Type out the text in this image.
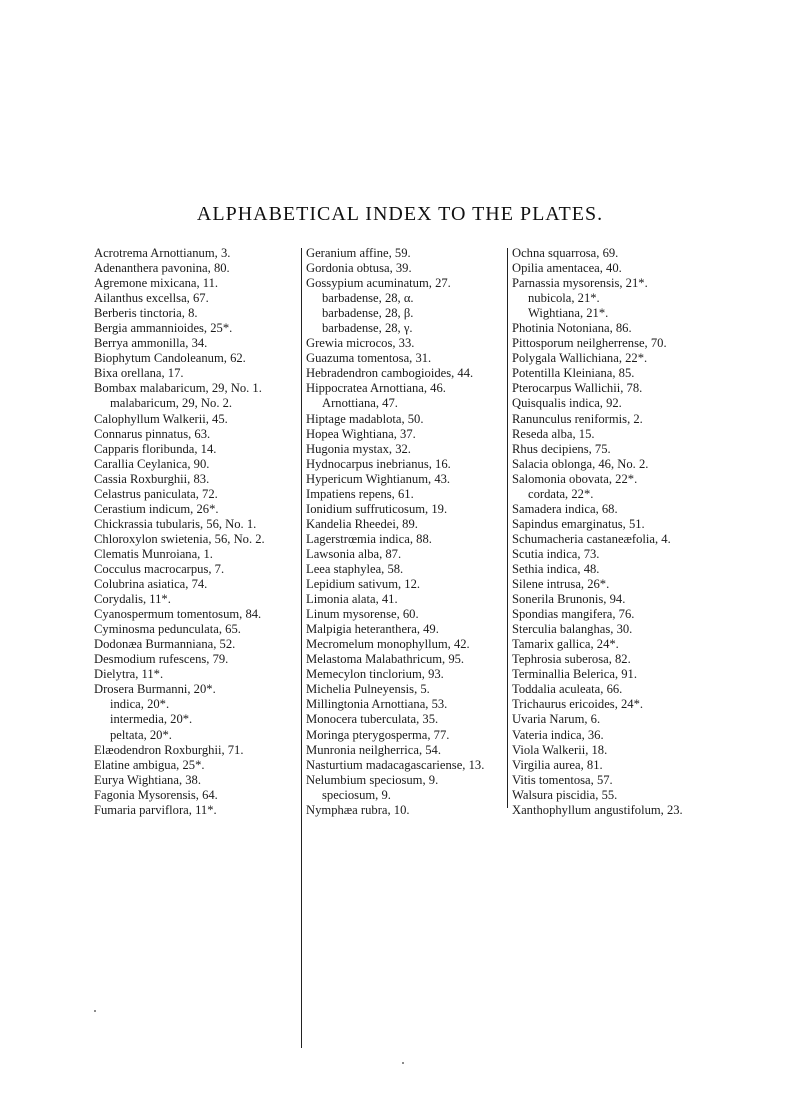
ALPHABETICAL INDEX TO THE PLATES.
Acrotrema Arnottianum, 3.
Adenanthera pavonina, 80.
Agremone mixicana, 11.
Ailanthus excellsa, 67.
Berberis tinctoria, 8.
Bergia ammannioides, 25*.
Berrya ammonilla, 34.
Biophytum Candoleanum, 62.
Bixa orellana, 17.
Bombax malabaricum, 29, No. 1.
malabaricum, 29, No. 2.
Calophyllum Walkerii, 45.
Connarus pinnatus, 63.
Capparis floribunda, 14.
Carallia Ceylanica, 90.
Cassia Roxburghii, 83.
Celastrus paniculata, 72.
Cerastium indicum, 26*.
Chickrassia tubularis, 56, No. 1.
Chloroxylon swietenia, 56, No. 2.
Clematis Munroiana, 1.
Cocculus macrocarpus, 7.
Colubrina asiatica, 74.
Corydalis, 11*.
Cyanospermum tomentosum, 84.
Cyminosma pedunculata, 65.
Dodonæa Burmanniana, 52.
Desmodium rufescens, 79.
Dielytra, 11*.
Drosera Burmanni, 20*.
indica, 20*.
intermedia, 20*.
peltata, 20*.
Elæodendron Roxburghii, 71.
Elatine ambigua, 25*.
Eurya Wightiana, 38.
Fagonia Mysorensis, 64.
Fumaria parviflora, 11*.
Geranium affine, 59.
Gordonia obtusa, 39.
Gossypium acuminatum, 27.
barbadense, 28, α.
barbadense, 28, β.
barbadense, 28, γ.
Grewia microcos, 33.
Guazuma tomentosa, 31.
Hebradendron cambogioides, 44.
Hippocratea Arnottiana, 46.
Arnottiana, 47.
Hiptage madablota, 50.
Hopea Wightiana, 37.
Hugonia mystax, 32.
Hydnocarpus inebrianus, 16.
Hypericum Wightianum, 43.
Impatiens repens, 61.
Ionidium suffruticosum, 19.
Kandelia Rheedei, 89.
Lagerstrœmia indica, 88.
Lawsonia alba, 87.
Leea staphylea, 58.
Lepidium sativum, 12.
Limonia alata, 41.
Linum mysorense, 60.
Malpigia heteranthera, 49.
Mecromelum monophyllum, 42.
Melastoma Malabathricum, 95.
Memecylon tinclorium, 93.
Michelia Pulneyensis, 5.
Millingtonia Arnottiana, 53.
Monocera tuberculata, 35.
Moringa pterygosperma, 77.
Munronia neilgherrica, 54.
Nasturtium madacagascariense, 13.
Nelumbium speciosum, 9.
speciosum, 9.
Nymphæa rubra, 10.
Ochna squarrosa, 69.
Opilia amentacea, 40.
Parnassia mysorensis, 21*.
nubicola, 21*.
Wightiana, 21*.
Photinia Notoniana, 86.
Pittosporum neilgherrense, 70.
Polygala Wallichiana, 22*.
Potentilla Kleiniana, 85.
Pterocarpus Wallichii, 78.
Quisqualis indica, 92.
Ranunculus reniformis, 2.
Reseda alba, 15.
Rhus decipiens, 75.
Salacia oblonga, 46, No. 2.
Salomonia obovata, 22*.
cordata, 22*.
Samadera indica, 68.
Sapindus emarginatus, 51.
Schumacheria castaneæfolia, 4.
Scutia indica, 73.
Sethia indica, 48.
Silene intrusa, 26*.
Sonerila Brunonis, 94.
Spondias mangifera, 76.
Sterculia balanghas, 30.
Tamarix gallica, 24*.
Tephrosia suberosa, 82.
Terminallia Belerica, 91.
Toddalia aculeata, 66.
Trichaurus ericoides, 24*.
Uvaria Narum, 6.
Vateria indica, 36.
Viola Walkerii, 18.
Virgilia aurea, 81.
Vitis tomentosa, 57.
Walsura piscidia, 55.
Xanthophyllum angustifolum, 23.
